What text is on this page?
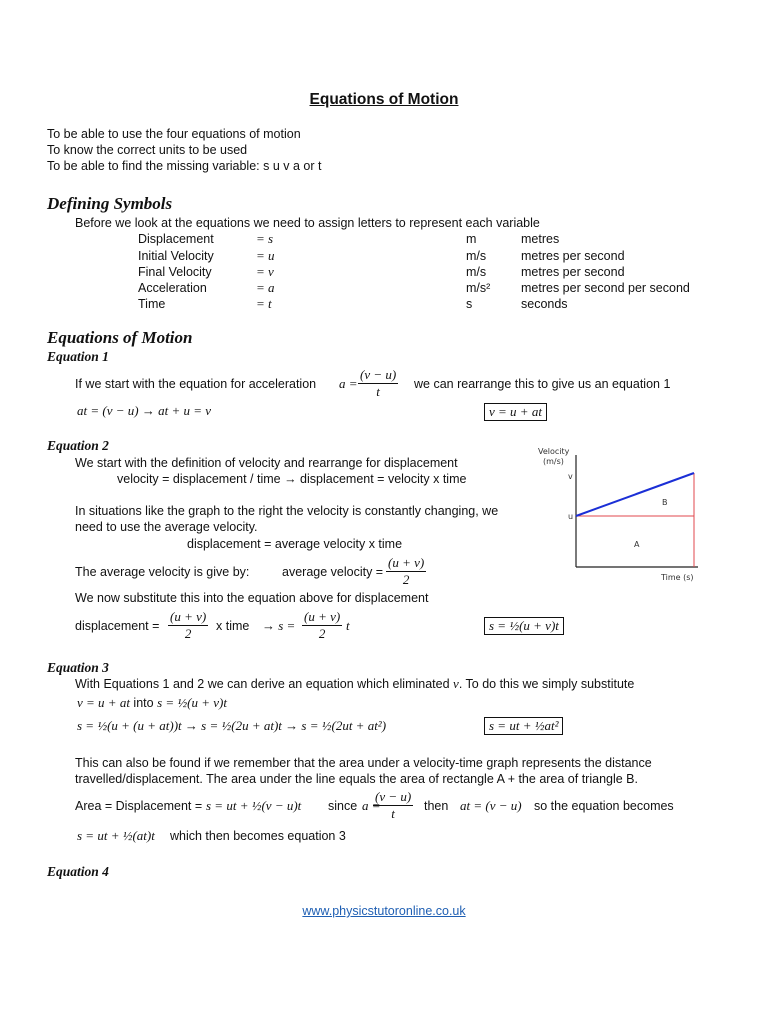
Equations of Motion
To be able to use the four equations of motion
To know the correct units to be used
To be able to find the missing variable: s u v a or t
Defining Symbols
Before we look at the equations we need to assign letters to represent each variable
Displacement	= s	m	metres
Initial Velocity	= u	m/s	metres per second
Final Velocity	= v	m/s	metres per second
Acceleration	= a	m/s² metres per second per second
Time	= t	s	seconds
Equations of Motion
Equation 1
If we start with the equation for acceleration $a = \frac{(v - u)}{t}$ we can rearrange this to give us an equation 1
at = (v − u) → at + u = v	v = u + at
Equation 2
We start with the definition of velocity and rearrange for displacement
velocity = displacement / time → displacement = velocity x time
In situations like the graph to the right the velocity is constantly changing, we
need to use the average velocity.
displacement = average velocity x time
The average velocity is give by:	average velocity = $\frac{(u + v)}{2}$
We now substitute this into the equation above for displacement
displacement = $\frac{(u + v)}{2}$ x time → $s = \frac{(u + v)}{2}$ t	s = ½(u + v)t
Velocity
(m/s)
v
u
B
A
Time (s)
Equation 3
With Equations 1 and 2 we can derive an equation which eliminated v. To do this we simply substitute
v = u + at into s = ½(u + v)t
s = ½(u + (u + at))t → s = ½(2u + at)t → s = ½(2ut + at²)	s = ut + ½at²
This can also be found if we remember that the area under a velocity-time graph represents the distance
travelled/displacement. The area under the line equals the area of rectangle A + the area of triangle B.
Area = Displacement = s = ut + ½(v − u)t since a =
$\frac{(v - u)}{t}$ then at = (v − u) so the equation becomes
s = ut + ½(at)t which then becomes equation 3
Equation 4
www.physicstutoronline.co.uk
